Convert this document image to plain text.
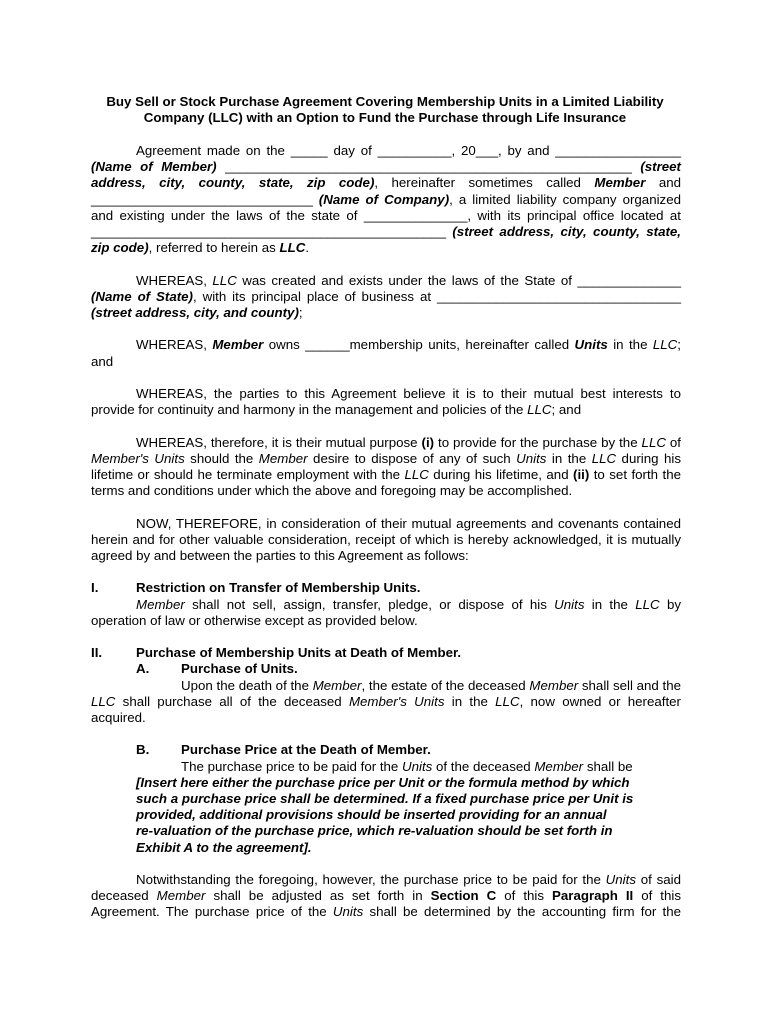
Buy Sell or Stock Purchase Agreement Covering Membership Units in a Limited Liability
Company (LLC) with an Option to Fund the Purchase through Life Insurance

Agreement made on the _____ day of __________, 20___, by and _________________ (Name of Member) _______________________________________________________ (street address, city, county, state, zip code), hereinafter sometimes called Member and ______________________________ (Name of Company), a limited liability company organized and existing under the laws of the state of ______________, with its principal office located at ________________________________________________ (street address, city, county, state, zip code), referred to herein as LLC.

WHEREAS, LLC was created and exists under the laws of the State of ______________ (Name of State), with its principal place of business at _________________________________ (street address, city, and county);

WHEREAS, Member owns ______membership units, hereinafter called Units in the LLC; and

WHEREAS, the parties to this Agreement believe it is to their mutual best interests to provide for continuity and harmony in the management and policies of the LLC; and

WHEREAS, therefore, it is their mutual purpose (i) to provide for the purchase by the LLC of Member's Units should the Member desire to dispose of any of such Units in the LLC during his lifetime or should he terminate employment with the LLC during his lifetime, and (ii) to set forth the terms and conditions under which the above and foregoing may be accomplished.

NOW, THEREFORE, in consideration of their mutual agreements and covenants contained herein and for other valuable consideration, receipt of which is hereby acknowledged, it is mutually agreed by and between the parties to this Agreement as follows:

I.	Restriction on Transfer of Membership Units.

Member shall not sell, assign, transfer, pledge, or dispose of his Units in the LLC by operation of law or otherwise except as provided below.

II.	Purchase of Membership Units at Death of Member.
A.	Purchase of Units.

Upon the death of the Member, the estate of the deceased Member shall sell and the LLC shall purchase all of the deceased Member's Units in the LLC, now owned or hereafter acquired.

B.	Purchase Price at the Death of Member.

The purchase price to be paid for the Units of the deceased Member shall be

[Insert here either the purchase price per Unit or the formula method by which
such a purchase price shall be determined. If a fixed purchase price per Unit is
provided, additional provisions should be inserted providing for an annual
re-valuation of the purchase price, which re-valuation should be set forth in
Exhibit A to the agreement].

Notwithstanding the foregoing, however, the purchase price to be paid for the Units of said deceased Member shall be adjusted as set forth in Section C of this Paragraph II of this Agreement. The purchase price of the Units shall be determined by the accounting firm for the
